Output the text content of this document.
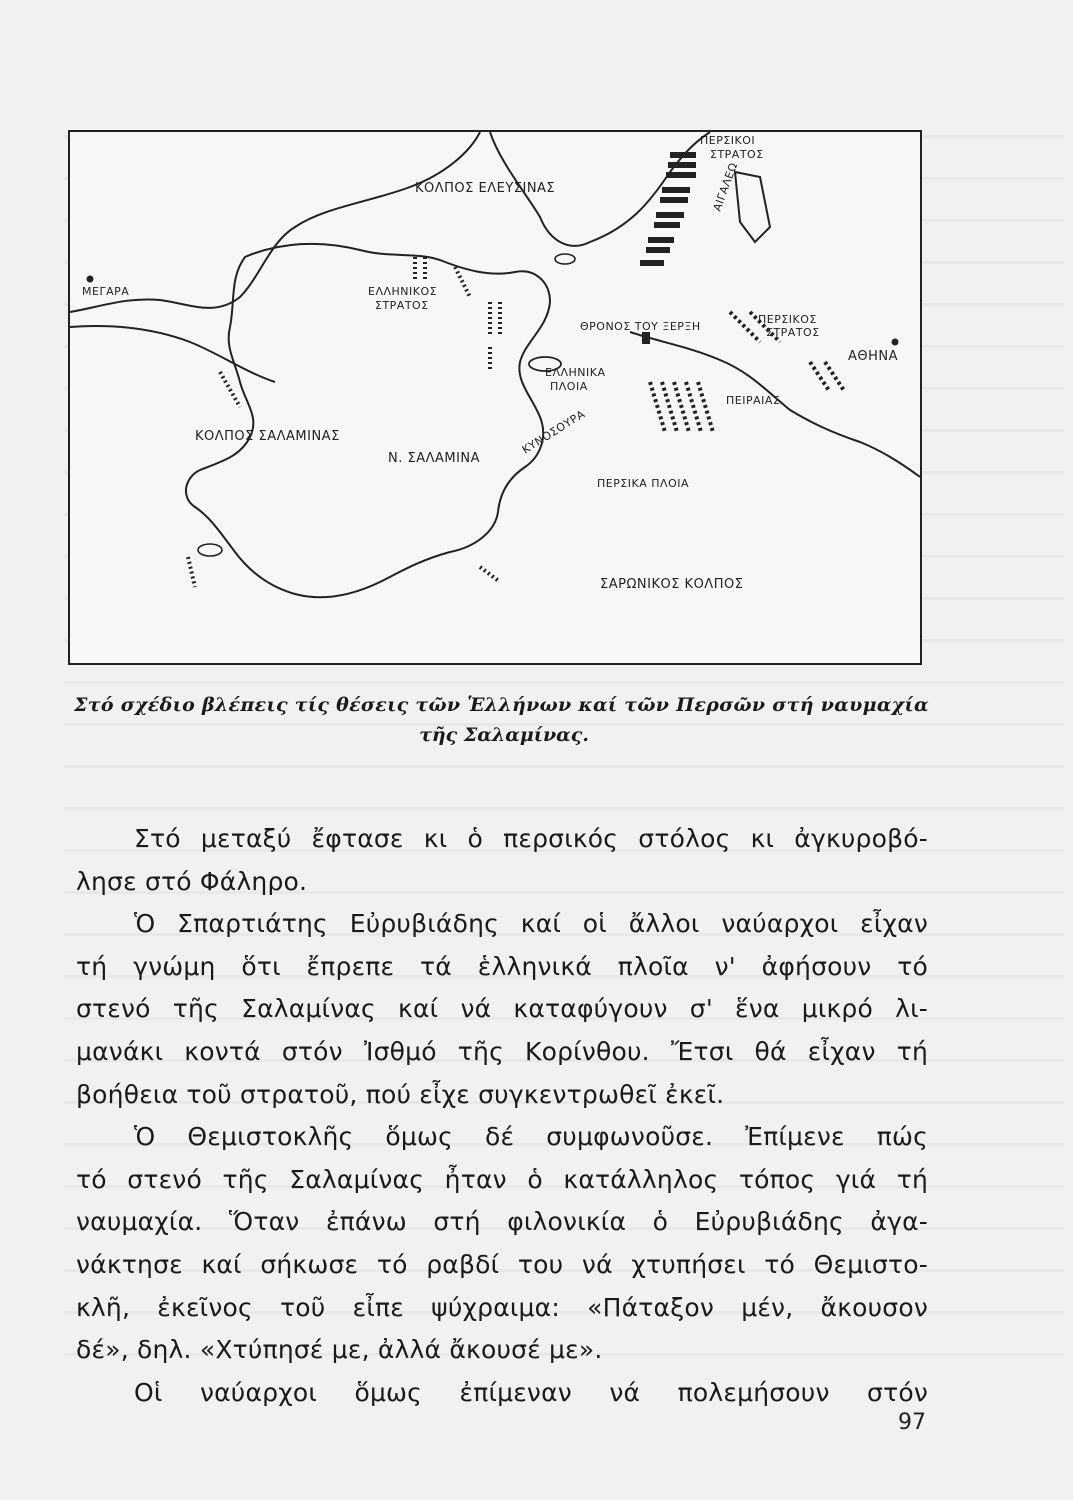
ΠΕΡΣΙΚΟΙ
ΣΤΡΑΤΟΣ
ΚΟΛΠΟΣ ΕΛΕΥΣΙΝΑΣ	ΑΙΓΑΛΕΩ
ΜΕΓΑΡΑ	ΕΛΛΗΝΙΚΟΣ
ΣΤΡΑΤΟΣ
ΘΡΟΝΟΣ ΤΟΥ ΞΕΡΞΗ
ΠΕΡΣΙΚΟΣ
ΣΤΡΑΤΟΣ
ΑΘΗΝΑ
ΕΛΛΗΝΙΚΑ
ΠΛΟΙΑ
ΠΕΙΡΑΙΑΣ
ΚΟΛΠΟΣ ΣΑΛΑΜΙΝΑΣ	ΚΥΝΟΣΟΥΡΑ
Ν. ΣΑΛΑΜΙΝΑ
ΠΕΡΣΙΚΑ ΠΛΟΙΑ
ΣΑΡΩΝΙΚΟΣ ΚΟΛΠΟΣ
Στό σχέδιο βλέπεις τίς θέσεις τῶν Ἑλλήνων καί τῶν Περσῶν στή ναυμαχία
τῆς Σαλαμίνας.
Στό μεταξύ ἔφτασε κι ὁ περσικός στόλος κι ἀγκυροβό-
λησε στό Φάληρο.
Ὁ Σπαρτιάτης Εὐρυβιάδης καί οἱ ἄλλοι ναύαρχοι εἶχαν
τή γνώμη ὅτι ἔπρεπε τά ἑλληνικά πλοῖα ν' ἀφήσουν τό
στενό τῆς Σαλαμίνας καί νά καταφύγουν σ' ἕνα μικρό λι-
μανάκι κοντά στόν Ἰσθμό τῆς Κορίνθου. Ἔτσι θά εἶχαν τή
βοήθεια τοῦ στρατοῦ, πού εἶχε συγκεντρωθεῖ ἐκεῖ.
Ὁ Θεμιστοκλῆς ὅμως δέ συμφωνοῦσε. Ἐπίμενε πώς
τό στενό τῆς Σαλαμίνας ἦταν ὁ κατάλληλος τόπος γιά τή
ναυμαχία. Ὅταν ἐπάνω στή φιλονικία ὁ Εὐρυβιάδης ἀγα-
νάκτησε καί σήκωσε τό ραβδί του νά χτυπήσει τό Θεμιστο-
κλῆ, ἐκεῖνος τοῦ εἶπε ψύχραιμα: «Πάταξον μέν, ἄκουσον
δέ», δηλ. «Χτύπησέ με, ἀλλά ἄκουσέ με».
Οἱ ναύαρχοι ὅμως ἐπίμεναν νά πολεμήσουν στόν
97
